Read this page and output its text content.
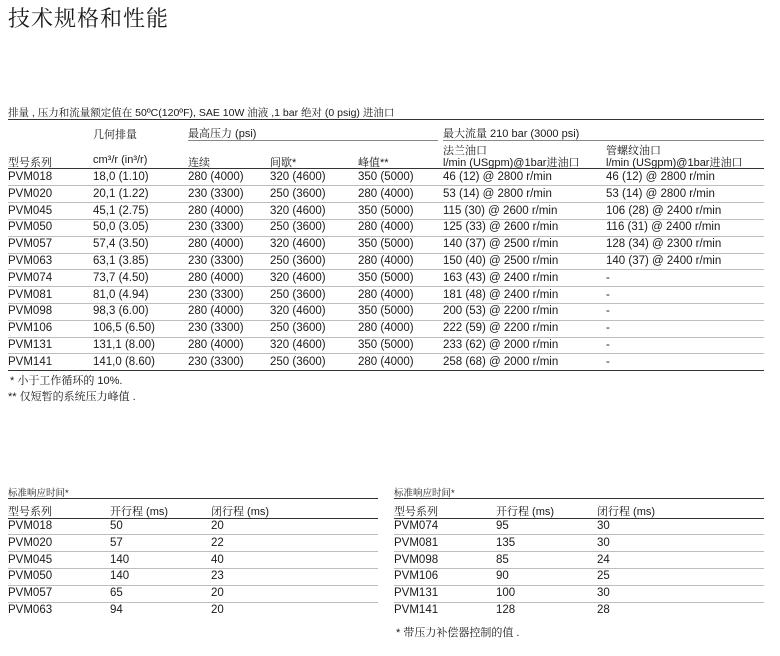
技术规格和性能
排量 , 压力和流量额定值在 50ºC(120ºF), SAE 10W 油液 ,1 bar 绝对 (0 psig) 进油口
几何排量	最高压力 (psi)	最大流量 210 bar (3000 psi)
法兰油口	管螺纹油口
型号系列	cm³/r (in³/r)	连续	间歇*	峰值**	l/min (USgpm)@1bar进油口 l/min (USgpm)@1bar进油口
PVM018	18,0 (1.10)	280 (4000) 320 (4600)	350 (5000)	46 (12) @ 2800 r/min	46 (12) @ 2800 r/min
PVM020	20,1 (1.22)	230 (3300) 250 (3600)	280 (4000)	53 (14) @ 2800 r/min	53 (14) @ 2800 r/min
PVM045	45,1 (2.75)	280 (4000) 320 (4600)	350 (5000)	115 (30) @ 2600 r/min	106 (28) @ 2400 r/min
PVM050	50,0 (3.05)	230 (3300) 250 (3600)	280 (4000)	125 (33) @ 2600 r/min	116 (31) @ 2400 r/min
PVM057	57,4 (3.50)	280 (4000) 320 (4600)	350 (5000)	140 (37) @ 2500 r/min	128 (34) @ 2300 r/min
PVM063	63,1 (3.85)	230 (3300) 250 (3600)	280 (4000)	150 (40) @ 2500 r/min	140 (37) @ 2400 r/min
PVM074	73,7 (4.50)	280 (4000) 320 (4600)	350 (5000)	163 (43) @ 2400 r/min	-
PVM081	81,0 (4.94)	230 (3300) 250 (3600)	280 (4000)	181 (48) @ 2400 r/min	-
PVM098	98,3 (6.00)	280 (4000) 320 (4600)	350 (5000)	200 (53) @ 2200 r/min	-
PVM106	106,5 (6.50)	230 (3300) 250 (3600)	280 (4000)	222 (59) @ 2200 r/min	-
PVM131	131,1 (8.00)	280 (4000) 320 (4600)	350 (5000)	233 (62) @ 2000 r/min	-
PVM141	141,0 (8.60)	230 (3300) 250 (3600)	280 (4000)	258 (68) @ 2000 r/min	-
* 小于工作循环的 10%.
** 仅短暂的系统压力峰值 .
标准响应时间*
型号系列	开行程 (ms)	闭行程 (ms)
PVM018	50	20
PVM020	57	22
PVM045	140	40
PVM050	140	23
PVM057	65	20
PVM063	94	20
标准响应时间*
型号系列	开行程 (ms)	闭行程 (ms)
PVM074	95	30
PVM081	135	30
PVM098	85	24
PVM106	90	25
PVM131	100	30
PVM141	128	28
* 带压力补偿器控制的值 .
